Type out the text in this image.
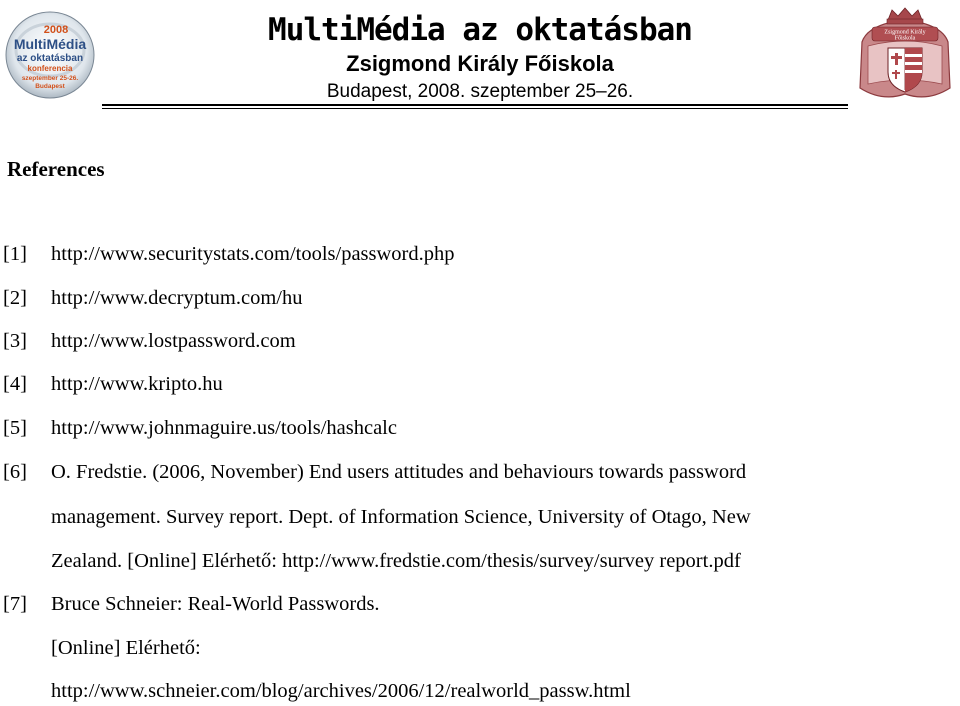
2008
MultiMédia
az oktatásban
konferencia
szeptember 25-26.
Budapest
MultiMédia az oktatásban
Zsigmond Király Főiskola
Budapest, 2008. szeptember 25–26.
Zsigmond Király
Főiskola
References
[1] http://www.securitystats.com/tools/password.php
[2] http://www.decryptum.com/hu
[3] http://www.lostpassword.com
[4] http://www.kripto.hu
[5] http://www.johnmaguire.us/tools/hashcalc
[6] O. Fredstie. (2006, November) End users attitudes and behaviours towards password
management. Survey report. Dept. of Information Science, University of Otago, New
Zealand. [Online] Elérhető: http://www.fredstie.com/thesis/survey/survey report.pdf
[7] Bruce Schneier: Real-World Passwords.
[Online] Elérhető:
http://www.schneier.com/blog/archives/2006/12/realworld_passw.html
